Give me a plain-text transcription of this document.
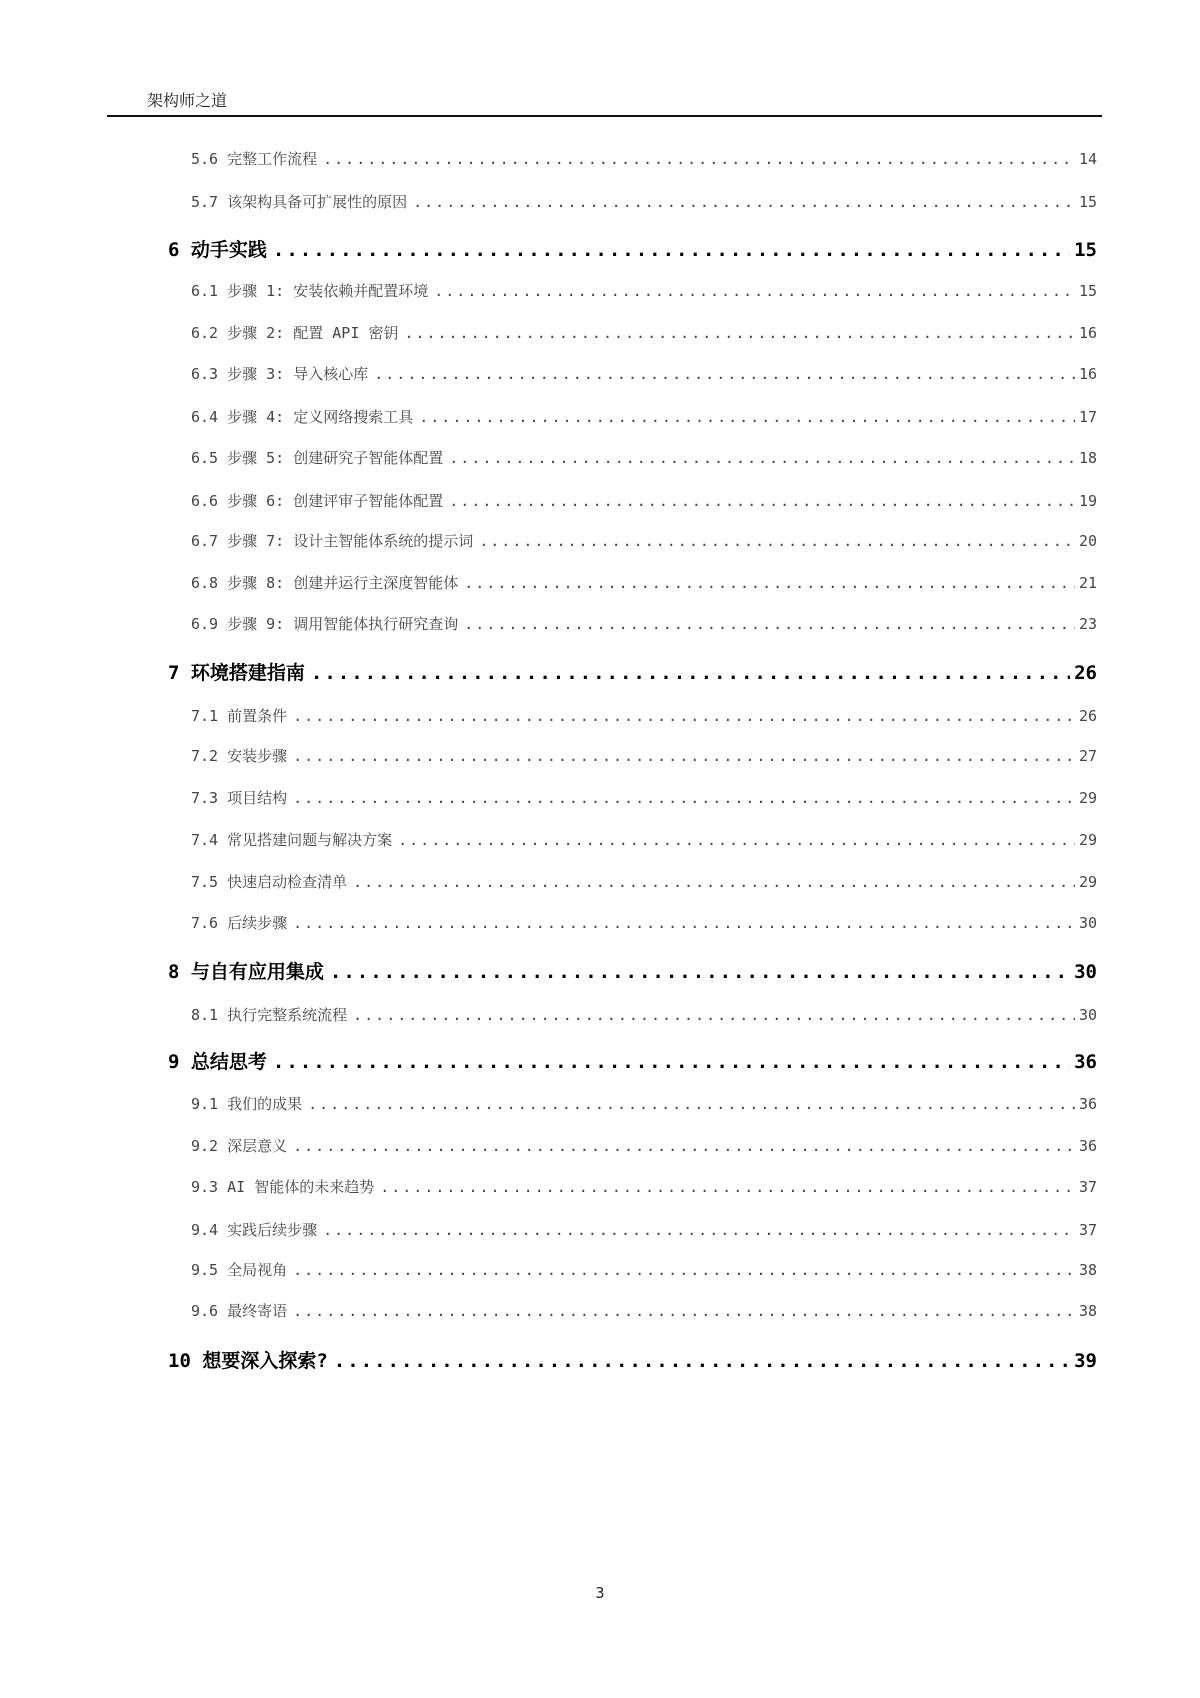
架构师之道
5.6 完整工作流程 .....	14
5.7 该架构具备可扩展性的原因 .....	15
6 动手实践 .....	15
6.1 步骤 1: 安装依赖并配置环境 .....	15
6.2 步骤 2: 配置 API 密钥 .....	16
6.3 步骤 3: 导入核心库 .....	16
6.4 步骤 4: 定义网络搜索工具 .....	17
6.5 步骤 5: 创建研究子智能体配置 .....	18
6.6 步骤 6: 创建评审子智能体配置 .....	19
6.7 步骤 7: 设计主智能体系统的提示词 .....	20
6.8 步骤 8: 创建并运行主深度智能体 .....	21
6.9 步骤 9: 调用智能体执行研究查询 .....	23
7 环境搭建指南 .....	26
7.1 前置条件 .....	26
7.2 安装步骤 .....	27
7.3 项目结构 .....	29
7.4 常见搭建问题与解决方案 .....	29
7.5 快速启动检查清单 .....	29
7.6 后续步骤 .....	30
8 与自有应用集成 .....	30
8.1 执行完整系统流程 .....	30
9 总结思考 .....	36
9.1 我们的成果 .....	36
9.2 深层意义 .....	36
9.3 AI 智能体的未来趋势 .....	37
9.4 实践后续步骤 .....	37
9.5 全局视角 .....	38
9.6 最终寄语 .....	38
10 想要深入探索? .....	39
3
